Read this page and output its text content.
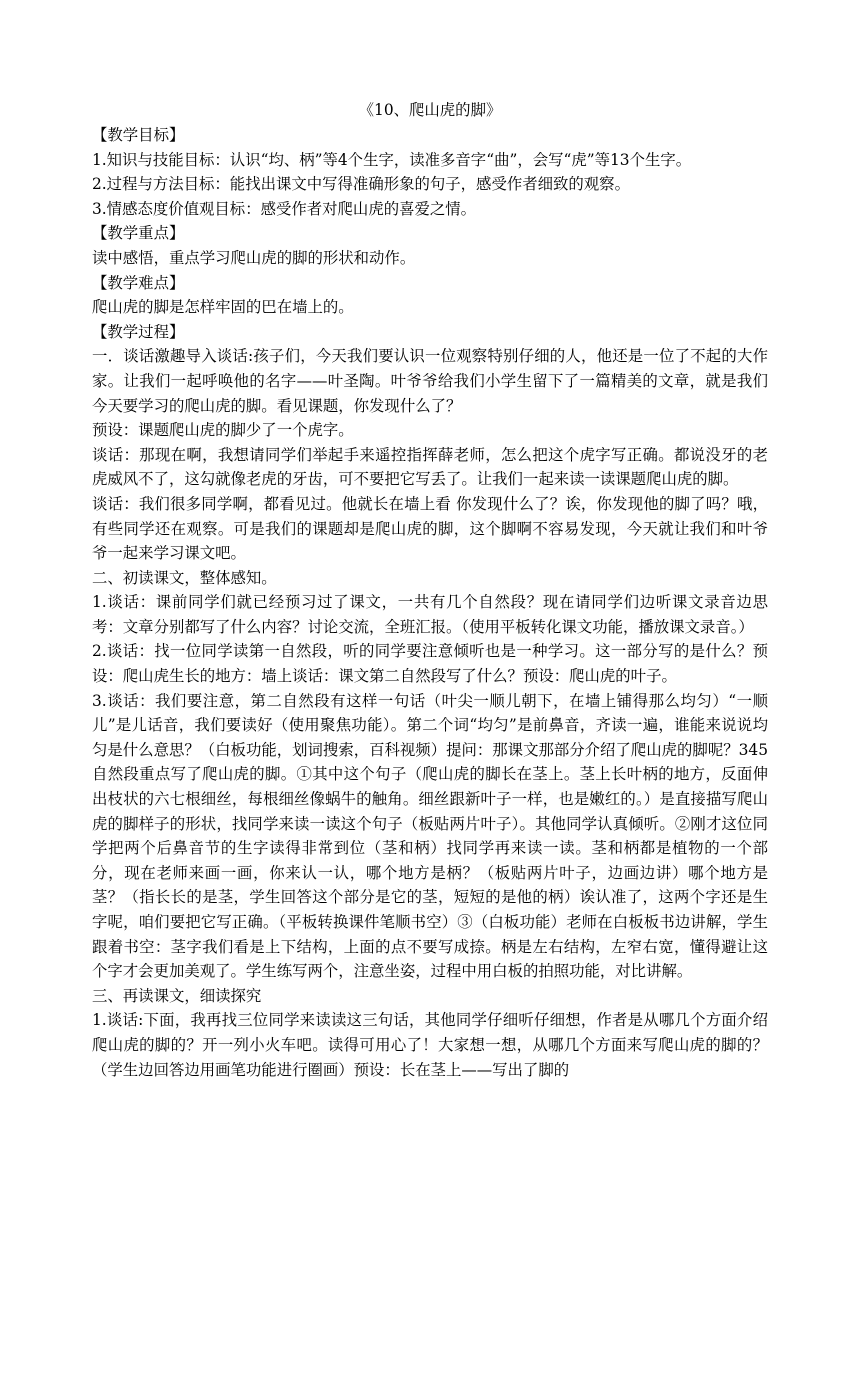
《10、爬山虎的脚》

【教学目标】

1.知识与技能目标：认识“均、柄”等4个生字，读准多音字“曲”，会写“虎”等13个生字。

2.过程与方法目标：能找出课文中写得准确形象的句子，感受作者细致的观察。

3.情感态度价值观目标：感受作者对爬山虎的喜爱之情。

【教学重点】

读中感悟，重点学习爬山虎的脚的形状和动作。

【教学难点】

爬山虎的脚是怎样牢固的巴在墙上的。

【教学过程】

一．谈话激趣导入谈话:孩子们，今天我们要认识一位观察特别仔细的人，他还是一位了不起的大作家。让我们一起呼唤他的名字——叶圣陶。叶爷爷给我们小学生留下了一篇精美的文章，就是我们今天要学习的爬山虎的脚。看见课题，你发现什么了？

预设：课题爬山虎的脚少了一个虎字。

谈话：那现在啊，我想请同学们举起手来遥控指挥薛老师，怎么把这个虎字写正确。都说没牙的老虎威风不了，这勾就像老虎的牙齿，可不要把它写丢了。让我们一起来读一读课题爬山虎的脚。

谈话：我们很多同学啊，都看见过。他就长在墙上看 你发现什么了？诶，你发现他的脚了吗？哦，有些同学还在观察。可是我们的课题却是爬山虎的脚，这个脚啊不容易发现，今天就让我们和叶爷爷一起来学习课文吧。

二、初读课文，整体感知。

1.谈话：课前同学们就已经预习过了课文，一共有几个自然段？现在请同学们边听课文录音边思考：文章分别都写了什么内容？讨论交流，全班汇报。（使用平板转化课文功能，播放课文录音。）

2.谈话：找一位同学读第一自然段，听的同学要注意倾听也是一种学习。这一部分写的是什么？预设：爬山虎生长的地方：墙上谈话：课文第二自然段写了什么？预设：爬山虎的叶子。

3.谈话：我们要注意，第二自然段有这样一句话（叶尖一顺儿朝下，在墙上铺得那么均匀）“一顺儿”是儿话音，我们要读好（使用聚焦功能）。第二个词“均匀”是前鼻音，齐读一遍，谁能来说说均匀是什么意思？（白板功能，划词搜索，百科视频）提问：那课文那部分介绍了爬山虎的脚呢？345自然段重点写了爬山虎的脚。①其中这个句子（爬山虎的脚长在茎上。茎上长叶柄的地方，反面伸出枝状的六七根细丝，每根细丝像蜗牛的触角。细丝跟新叶子一样，也是嫩红的。）是直接描写爬山虎的脚样子的形状，找同学来读一读这个句子（板贴两片叶子）。其他同学认真倾听。②刚才这位同学把两个后鼻音节的生字读得非常到位（茎和柄）找同学再来读一读。茎和柄都是植物的一个部分，现在老师来画一画，你来认一认，哪个地方是柄？（板贴两片叶子，边画边讲）哪个地方是茎？（指长长的是茎，学生回答这个部分是它的茎，短短的是他的柄）诶认准了，这两个字还是生字呢，咱们要把它写正确。（平板转换课件笔顺书空）③（白板功能）老师在白板板书边讲解，学生跟着书空：茎字我们看是上下结构，上面的点不要写成捺。柄是左右结构，左窄右宽，懂得避让这个字才会更加美观了。学生练写两个，注意坐姿，过程中用白板的拍照功能，对比讲解。

三、再读课文，细读探究

1.谈话:下面，我再找三位同学来读读这三句话，其他同学仔细听仔细想，作者是从哪几个方面介绍爬山虎的脚的？开一列小火车吧。读得可用心了！大家想一想，从哪几个方面来写爬山虎的脚的？（学生边回答边用画笔功能进行圈画）预设：长在茎上——写出了脚的
